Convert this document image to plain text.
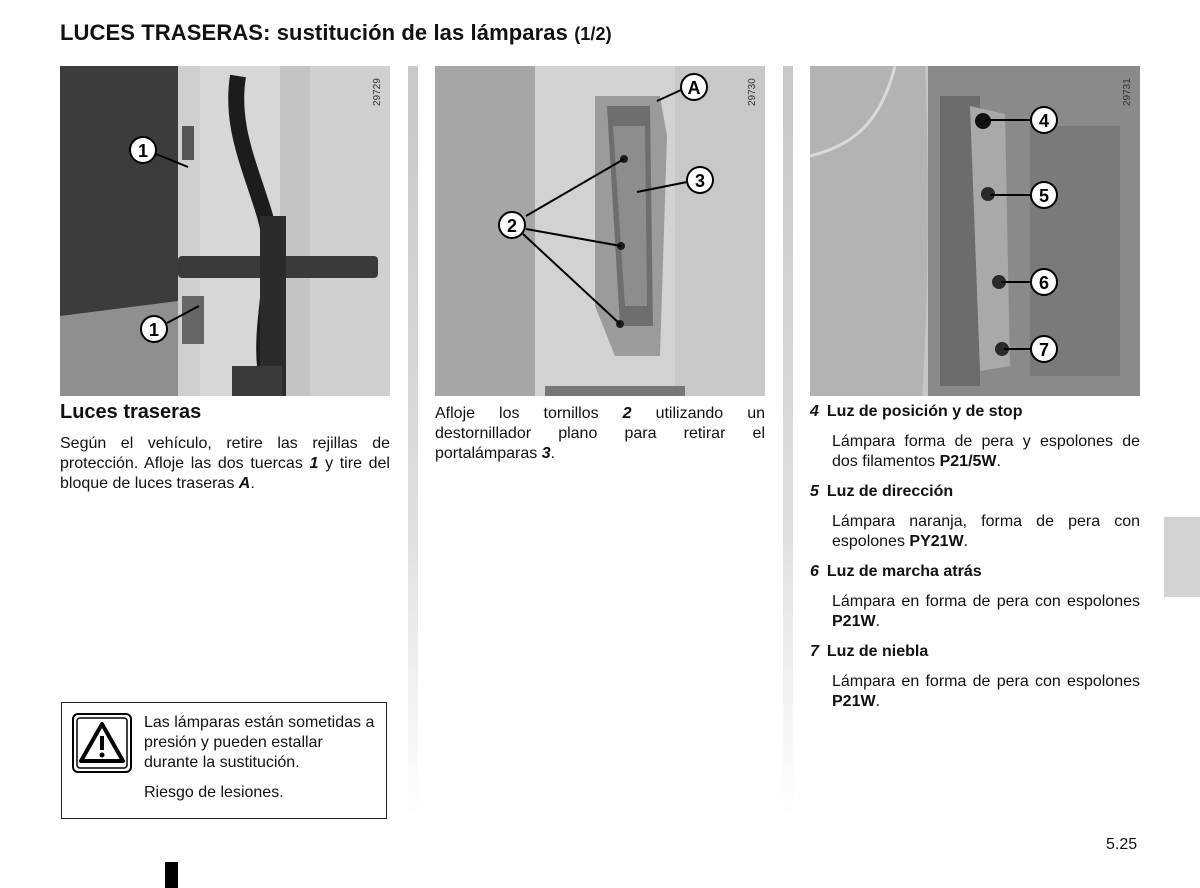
LUCES TRASERAS: sustitución de las lámparas (1/2)
29729
1
1
29730
A
2
3
29731
4
5
6
7
Luces traseras

Según el vehículo, retire las rejillas de protección. Afloje las dos tuercas 1 y tire del bloque de luces traseras A.

Afloje los tornillos 2 utilizando un destornillador plano para retirar el portalámparas 3.

4 Luz de posición y de stop

Lámpara forma de pera y espolones de dos filamentos P21/5W.

5 Luz de dirección

Lámpara naranja, forma de pera con espolones PY21W.

6 Luz de marcha atrás

Lámpara en forma de pera con espolones P21W.

7 Luz de niebla

Lámpara en forma de pera con espolones P21W.

Las lámparas están sometidas a presión y pueden estallar durante la sustitución.

Riesgo de lesiones.

5.25
